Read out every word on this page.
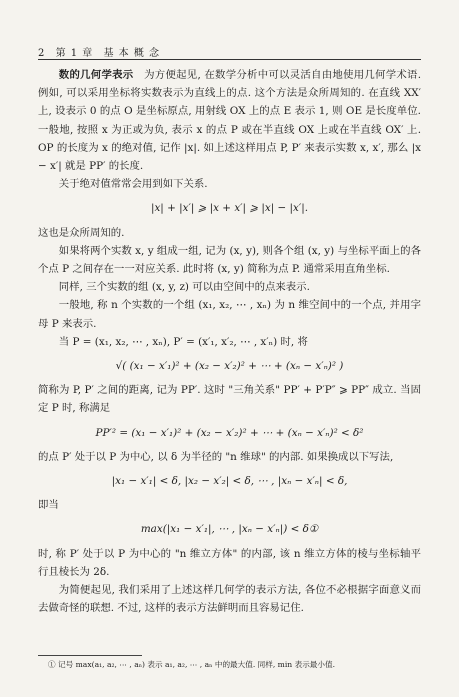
2 第 1 章 基 本 概 念

数的几何学表示　 为方便起见, 在数学分析中可以灵活自由地使用几何学术语. 例如, 可以采用坐标将实数表示为直线上的点. 这个方法是众所周知的. 在直线 XX′ 上, 设表示 0 的点 O 是坐标原点, 用射线 OX 上的点 E 表示 1, 则 OE 是长度单位. 一般地, 按照 x 为正或为负, 表示 x 的点 P 或在半直线 OX 上或在半直线 OX′ 上. OP 的长度为 x 的绝对值, 记作 |x|. 如上述这样用点 P, P′ 来表示实数 x, x′, 那么 |x − x′| 就是 PP′ 的长度.

关于绝对值常常会用到如下关系.

|x| + |x′| ⩾ |x + x′| ⩾ |x| − |x′|.

这也是众所周知的.

如果将两个实数 x, y 组成一组, 记为 (x, y), 则各个组 (x, y) 与坐标平面上的各个点 P 之间存在一一对应关系. 此时将 (x, y) 简称为点 P. 通常采用直角坐标.

同样, 三个实数的组 (x, y, z) 可以由空间中的点来表示.

一般地, 称 n 个实数的一个组 (x₁, x₂, ⋯ , xₙ) 为 n 维空间中的一个点, 并用字母 P 来表示.

当 P = (x₁, x₂, ⋯ , xₙ), P′ = (x′₁, x′₂, ⋯ , x′ₙ) 时, 将

√( (x₁ − x′₁)² + (x₂ − x′₂)² + ⋯ + (xₙ − x′ₙ)² )

简称为 P, P′ 之间的距离, 记为 PP′. 这时 "三角关系" PP′ + P′P″ ⩾ PP″ 成立. 当固定 P 时, 称满足

PP′² = (x₁ − x′₁)² + (x₂ − x′₂)² + ⋯ + (xₙ − x′ₙ)² < δ²

的点 P′ 处于以 P 为中心, 以 δ 为半径的 "n 维球" 的内部. 如果换成以下写法,

|x₁ − x′₁| < δ, |x₂ − x′₂| < δ, ⋯ , |xₙ − x′ₙ| < δ,

即当

max(|x₁ − x′₁|, ⋯ , |xₙ − x′ₙ|) < δ①

时, 称 P′ 处于以 P 为中心的 "n 维立方体" 的内部, 该 n 维立方体的棱与坐标轴平行且棱长为 2δ.

为简便起见, 我们采用了上述这样几何学的表示方法, 各位不必根据字面意义而去做奇怪的联想. 不过, 这样的表示方法鲜明而且容易记住.

① 记号 max(a₁, a₂, ⋯ , aₙ) 表示 a₁, a₂, ⋯ , aₙ 中的最大值. 同样, min 表示最小值.
